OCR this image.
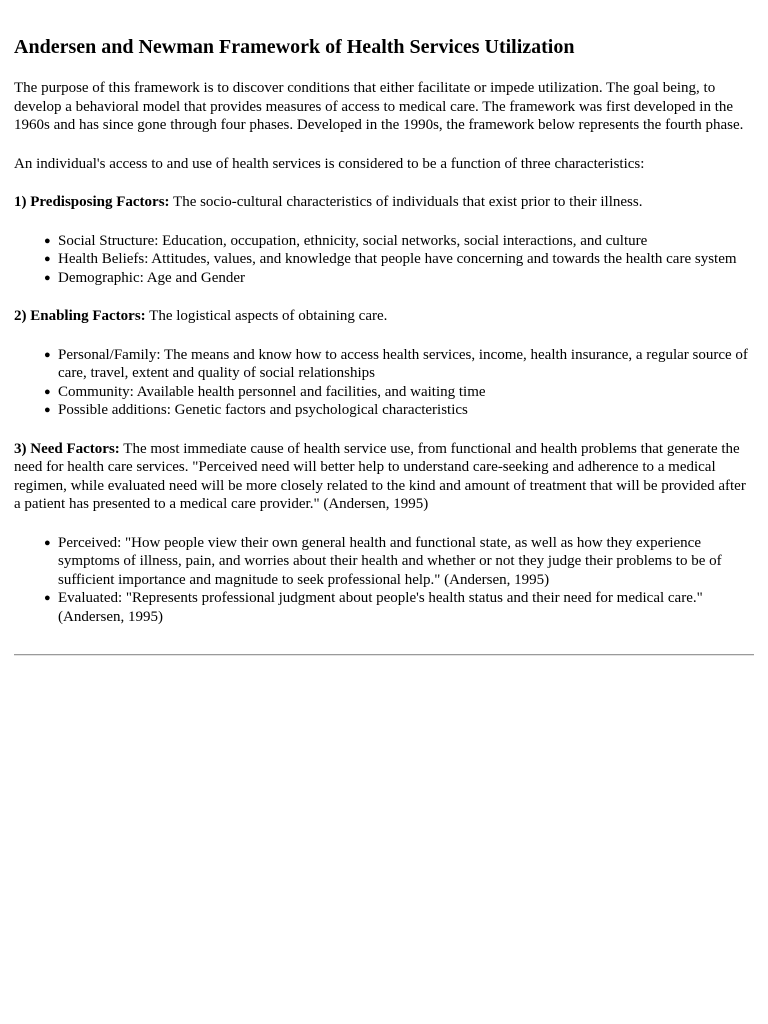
Andersen and Newman Framework of Health Services Utilization

The purpose of this framework is to discover conditions that either facilitate or impede utilization. The goal being, to develop a behavioral model that provides measures of access to medical care. The framework was first developed in the 1960s and has since gone through four phases. Developed in the 1990s, the framework below represents the fourth phase.

An individual's access to and use of health services is considered to be a function of three characteristics:

1) Predisposing Factors: The socio-cultural characteristics of individuals that exist prior to their illness.

● Social Structure: Education, occupation, ethnicity, social networks, social interactions, and culture
● Health Beliefs: Attitudes, values, and knowledge that people have concerning and towards the health care system
● Demographic: Age and Gender

2) Enabling Factors: The logistical aspects of obtaining care.

● Personal/Family: The means and know how to access health services, income, health insurance, a regular source of care, travel, extent and quality of social relationships
● Community: Available health personnel and facilities, and waiting time
● Possible additions: Genetic factors and psychological characteristics

3) Need Factors: The most immediate cause of health service use, from functional and health problems that generate the need for health care services. "Perceived need will better help to understand care-seeking and adherence to a medical regimen, while evaluated need will be more closely related to the kind and amount of treatment that will be provided after a patient has presented to a medical care provider." (Andersen, 1995)

● Perceived: "How people view their own general health and functional state, as well as how they experience symptoms of illness, pain, and worries about their health and whether or not they judge their problems to be of sufficient importance and magnitude to seek professional help." (Andersen, 1995)
● Evaluated: "Represents professional judgment about people's health status and their need for medical care." (Andersen, 1995)
